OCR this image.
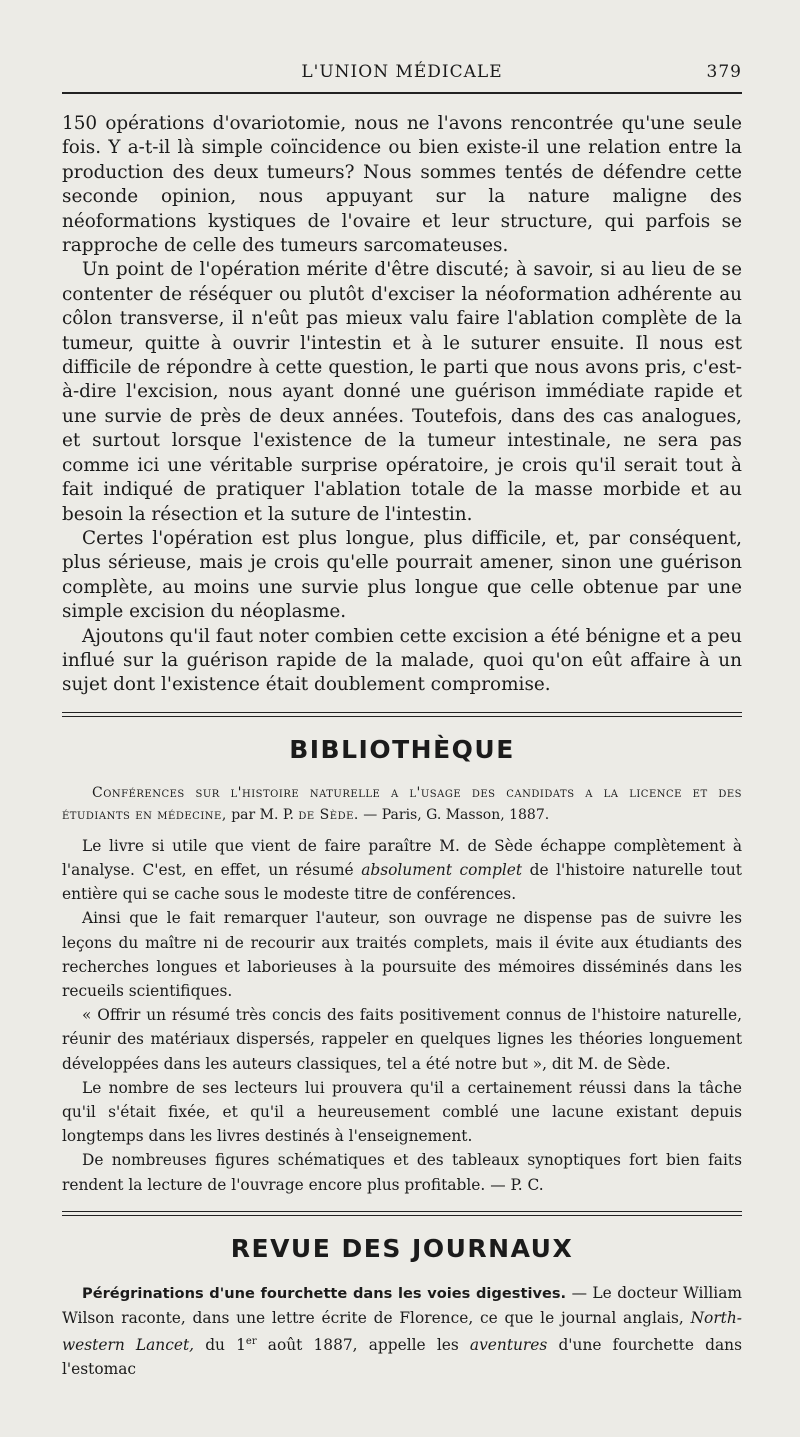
L'UNION MÉDICALE	379

150 opérations d'ovariotomie, nous ne l'avons rencontrée qu'une seule fois. Y a-t-il là simple coïncidence ou bien existe-il une relation entre la production des deux tumeurs? Nous sommes tentés de défendre cette seconde opinion, nous appuyant sur la nature maligne des néoformations kystiques de l'ovaire et leur structure, qui parfois se rapproche de celle des tumeurs sarcomateuses.

Un point de l'opération mérite d'être discuté; à savoir, si au lieu de se contenter de réséquer ou plutôt d'exciser la néoformation adhérente au côlon transverse, il n'eût pas mieux valu faire l'ablation complète de la tumeur, quitte à ouvrir l'intestin et à le suturer ensuite. Il nous est difficile de répondre à cette question, le parti que nous avons pris, c'est-à-dire l'excision, nous ayant donné une guérison immédiate rapide et une survie de près de deux années. Toutefois, dans des cas analogues, et surtout lorsque l'existence de la tumeur intestinale, ne sera pas comme ici une véritable surprise opératoire, je crois qu'il serait tout à fait indiqué de pratiquer l'ablation totale de la masse morbide et au besoin la résection et la suture de l'intestin.

Certes l'opération est plus longue, plus difficile, et, par conséquent, plus sérieuse, mais je crois qu'elle pourrait amener, sinon une guérison complète, au moins une survie plus longue que celle obtenue par une simple excision du néoplasme.

Ajoutons qu'il faut noter combien cette excision a été bénigne et a peu influé sur la guérison rapide de la malade, quoi qu'on eût affaire à un sujet dont l'existence était doublement compromise.

BIBLIOTHÈQUE

Conférences sur l'histoire naturelle a l'usage des candidats a la licence et des étudiants en médecine, par M. P. de Sède. — Paris, G. Masson, 1887.

Le livre si utile que vient de faire paraître M. de Sède échappe complètement à l'analyse. C'est, en effet, un résumé absolument complet de l'histoire naturelle tout entière qui se cache sous le modeste titre de conférences.

Ainsi que le fait remarquer l'auteur, son ouvrage ne dispense pas de suivre les leçons du maître ni de recourir aux traités complets, mais il évite aux étudiants des recherches longues et laborieuses à la poursuite des mémoires disséminés dans les recueils scientifiques.

« Offrir un résumé très concis des faits positivement connus de l'histoire naturelle, réunir des matériaux dispersés, rappeler en quelques lignes les théories longuement développées dans les auteurs classiques, tel a été notre but », dit M. de Sède.

Le nombre de ses lecteurs lui prouvera qu'il a certainement réussi dans la tâche qu'il s'était fixée, et qu'il a heureusement comblé une lacune existant depuis longtemps dans les livres destinés à l'enseignement.

De nombreuses figures schématiques et des tableaux synoptiques fort bien faits rendent la lecture de l'ouvrage encore plus profitable. — P. C.

REVUE DES JOURNAUX

Pérégrinations d'une fourchette dans les voies digestives. — Le docteur William Wilson raconte, dans une lettre écrite de Florence, ce que le journal anglais, North-western Lancet, du 1er août 1887, appelle les aventures d'une fourchette dans l'estomac
